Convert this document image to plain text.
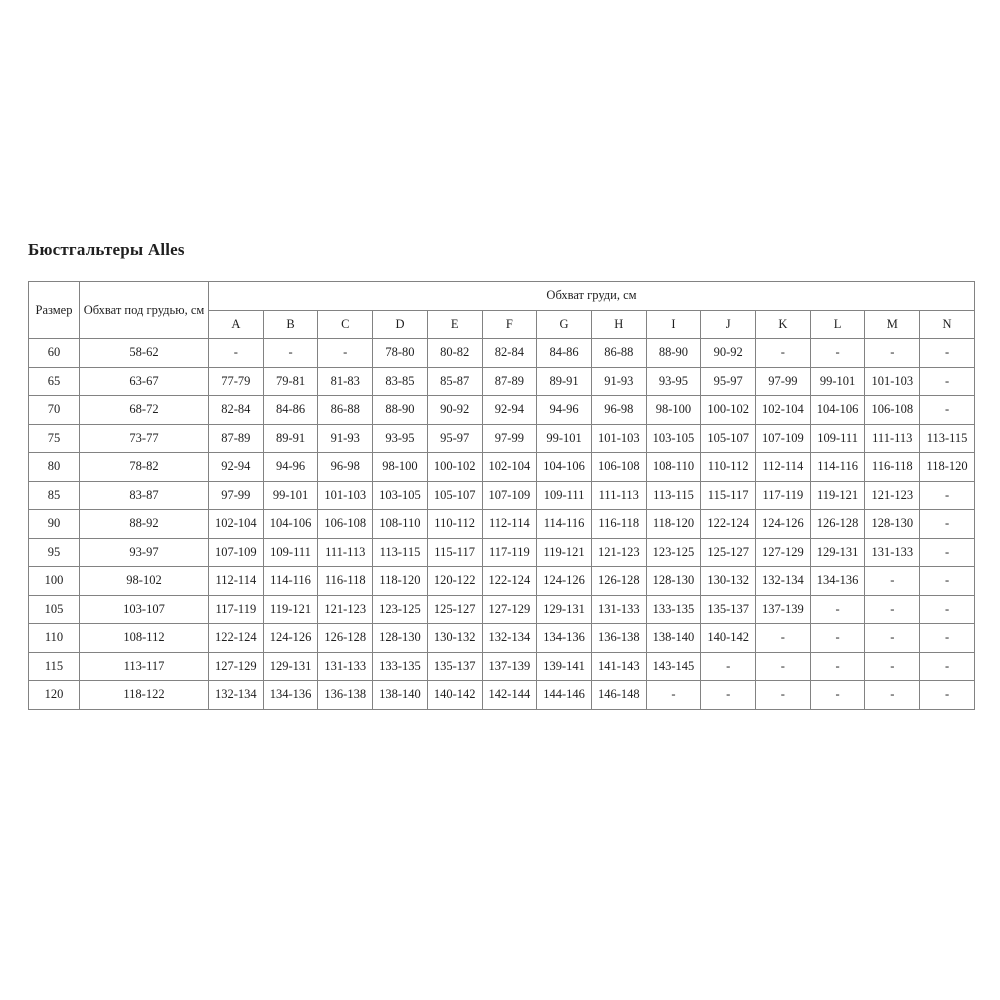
Бюстгальтеры Alles
Размер	Обхват под грудью, см	Обхват груди, см													
		A	B	C	D	E	F	G	H	I	J	K	L	M	N
60	58-62	-	-	-	78-80	80-82	82-84	84-86	86-88	88-90	90-92	-	-	-	-
65	63-67	77-79	79-81	81-83	83-85	85-87	87-89	89-91	91-93	93-95	95-97	97-99	99-101	101-103	-
70	68-72	82-84	84-86	86-88	88-90	90-92	92-94	94-96	96-98	98-100	100-102	102-104	104-106	106-108	-
75	73-77	87-89	89-91	91-93	93-95	95-97	97-99	99-101	101-103	103-105	105-107	107-109	109-111	111-113	113-115
80	78-82	92-94	94-96	96-98	98-100	100-102	102-104	104-106	106-108	108-110	110-112	112-114	114-116	116-118	118-120
85	83-87	97-99	99-101	101-103	103-105	105-107	107-109	109-111	111-113	113-115	115-117	117-119	119-121	121-123	-
90	88-92	102-104	104-106	106-108	108-110	110-112	112-114	114-116	116-118	118-120	122-124	124-126	126-128	128-130	-
95	93-97	107-109	109-111	111-113	113-115	115-117	117-119	119-121	121-123	123-125	125-127	127-129	129-131	131-133	-
100	98-102	112-114	114-116	116-118	118-120	120-122	122-124	124-126	126-128	128-130	130-132	132-134	134-136	-	-
105	103-107	117-119	119-121	121-123	123-125	125-127	127-129	129-131	131-133	133-135	135-137	137-139	-	-	-
110	108-112	122-124	124-126	126-128	128-130	130-132	132-134	134-136	136-138	138-140	140-142	-	-	-	-
115	113-117	127-129	129-131	131-133	133-135	135-137	137-139	139-141	141-143	143-145	-	-	-	-	-
120	118-122	132-134	134-136	136-138	138-140	140-142	142-144	144-146	146-148	-	-	-	-	-	-
